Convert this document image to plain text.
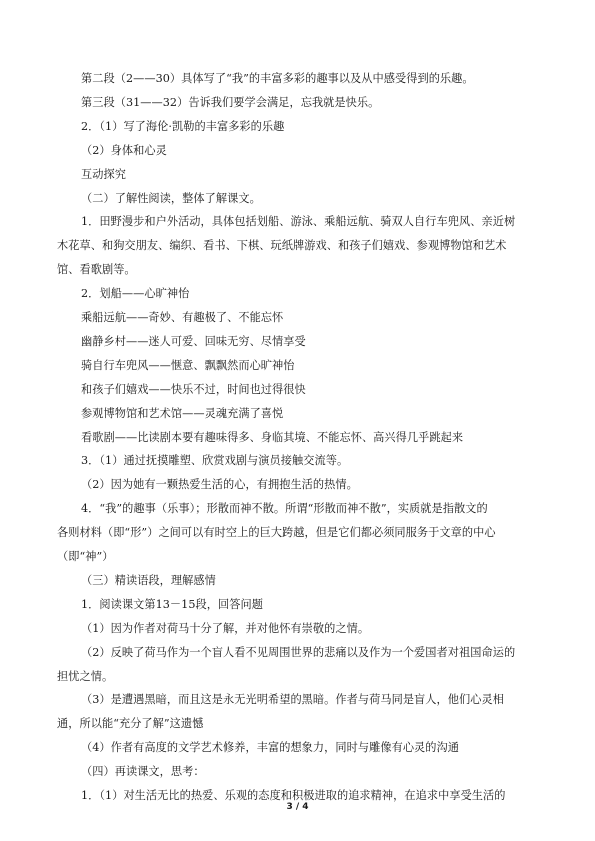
第二段（2——30）具体写了“我”的丰富多彩的趣事以及从中感受得到的乐趣。
第三段（31——32）告诉我们要学会满足，忘我就是快乐。
2．（1）写了海伦·凯勒的丰富多彩的乐趣
（2）身体和心灵
互动探究
（二）了解性阅读，整体了解课文。
1．田野漫步和户外活动，具体包括划船、游泳、乘船远航、骑双人自行车兜风、亲近树
木花草、和狗交朋友、编织、看书、下棋、玩纸牌游戏、和孩子们嬉戏、参观博物馆和艺术
馆、看歌剧等。
2．划船——心旷神怡
乘船远航——奇妙、有趣极了、不能忘怀
幽静乡村——迷人可爱、回味无穷、尽情享受
骑自行车兜风——惬意、飘飘然而心旷神怡
和孩子们嬉戏——快乐不过，时间也过得很快
参观博物馆和艺术馆——灵魂充满了喜悦
看歌剧——比读剧本要有趣味得多、身临其境、不能忘怀、高兴得几乎跳起来
3．（1）通过抚摸雕塑、欣赏戏剧与演员接触交流等。
（2）因为她有一颗热爱生活的心，有拥抱生活的热情。
4．“我”的趣事（乐事）；形散而神不散。所谓“形散而神不散”，实质就是指散文的
各则材料（即“形”）之间可以有时空上的巨大跨越，但是它们都必须同服务于文章的中心
（即“神”）
（三）精读语段，理解感情
1．阅读课文第13－15段，回答问题
（1）因为作者对荷马十分了解，并对他怀有崇敬的之情。
（2）反映了荷马作为一个盲人看不见周围世界的悲痛以及作为一个爱国者对祖国命运的
担忧之情。
（3）是遭遇黑暗，而且这是永无光明希望的黑暗。作者与荷马同是盲人，他们心灵相
通，所以能“充分了解”这遗憾
（4）作者有高度的文学艺术修养，丰富的想象力，同时与雕像有心灵的沟通
（四）再读课文，思考：
1．（1）对生活无比的热爱、乐观的态度和积极进取的追求精神，在追求中享受生活的
3 / 4
